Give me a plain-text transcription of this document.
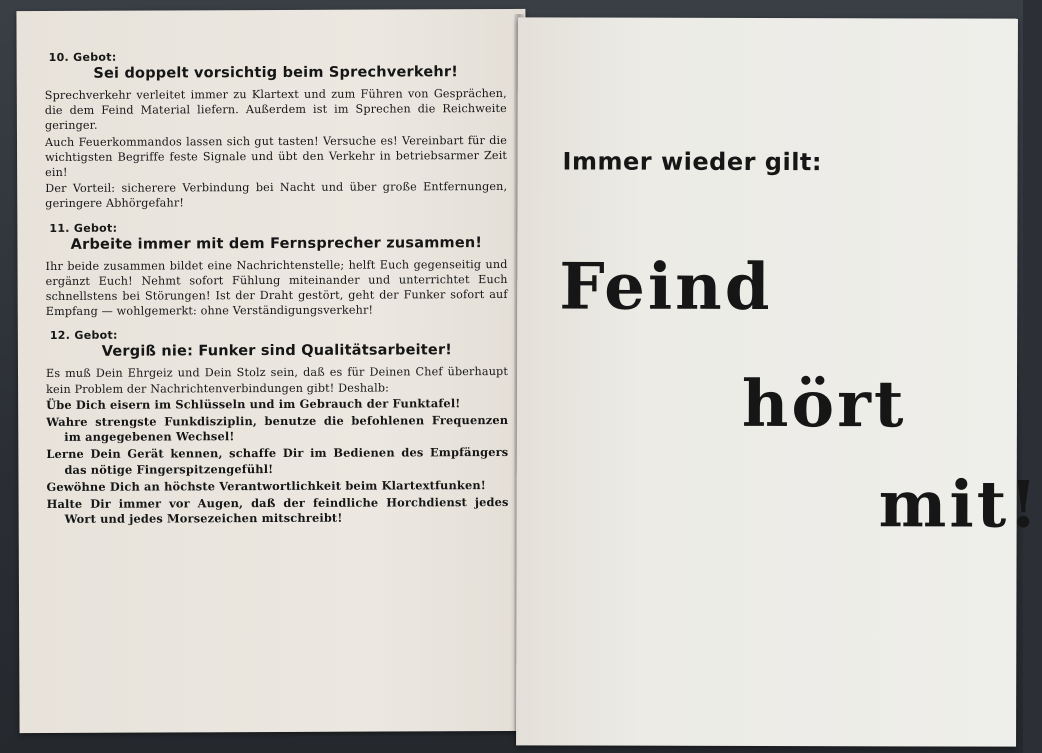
10. Gebot:
Sei doppelt vorsichtig beim Sprechverkehr!

Sprechverkehr verleitet immer zu Klartext und zum Führen von Gesprächen, die dem Feind Material liefern. Außerdem ist im Sprechen die Reichweite geringer.

Auch Feuerkommandos lassen sich gut tasten! Versuche es! Vereinbart für die wichtigsten Begriffe feste Signale und übt den Verkehr in betriebsarmer Zeit ein!

Der Vorteil: sicherere Verbindung bei Nacht und über große Entfernungen, geringere Abhörgefahr!

11. Gebot:
Arbeite immer mit dem Fernsprecher zusammen!

Ihr beide zusammen bildet eine Nachrichtenstelle; helft Euch gegenseitig und ergänzt Euch! Nehmt sofort Fühlung miteinander und unterrichtet Euch schnellstens bei Störungen! Ist der Draht gestört, geht der Funker sofort auf Empfang — wohlgemerkt: ohne Verständigungsverkehr!

12. Gebot:
Vergiß nie: Funker sind Qualitätsarbeiter!

Es muß Dein Ehrgeiz und Dein Stolz sein, daß es für Deinen Chef überhaupt kein Problem der Nachrichtenverbindungen gibt! Deshalb:

Übe Dich eisern im Schlüsseln und im Gebrauch der Funktafel!

Wahre strengste Funkdisziplin, benutze die befohlenen Frequenzen im angegebenen Wechsel!

Lerne Dein Gerät kennen, schaffe Dir im Bedienen des Empfängers das nötige Fingerspitzengefühl!

Gewöhne Dich an höchste Verantwortlichkeit beim Klartextfunken!

Halte Dir immer vor Augen, daß der feindliche Horchdienst jedes Wort und jedes Morsezeichen mitschreibt!

Immer wieder gilt:
Feind
hört
mit!
